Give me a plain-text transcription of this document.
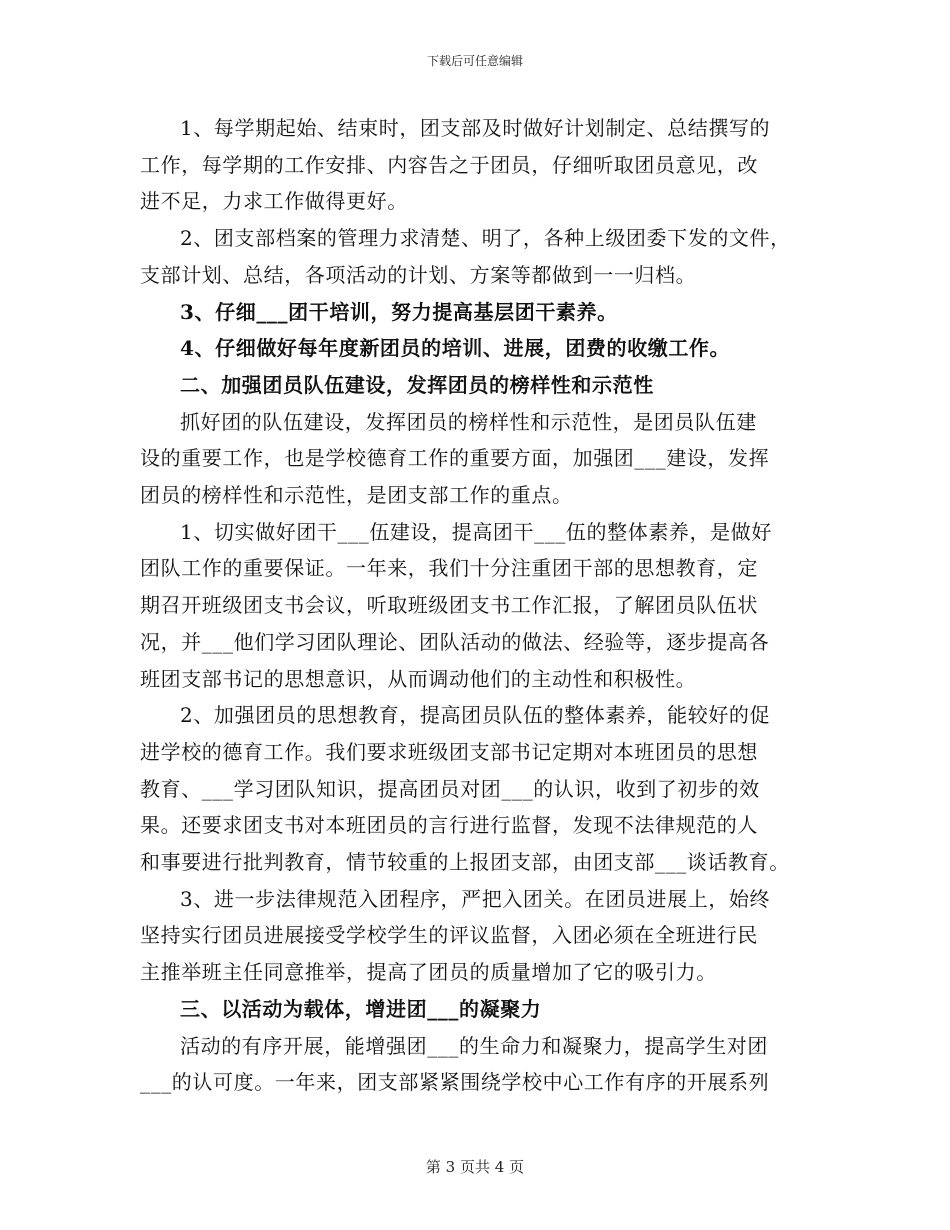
下载后可任意编辑
1、每学期起始、结束时，团支部及时做好计划制定、总结撰写的
工作，每学期的工作安排、内容告之于团员，仔细听取团员意见，改
进不足，力求工作做得更好。
2、团支部档案的管理力求清楚、明了，各种上级团委下发的文件，
支部计划、总结，各项活动的计划、方案等都做到一一归档。
3、仔细___团干培训，努力提高基层团干素养。
4、仔细做好每年度新团员的培训、进展，团费的收缴工作。
二、加强团员队伍建设，发挥团员的榜样性和示范性
抓好团的队伍建设，发挥团员的榜样性和示范性，是团员队伍建
设的重要工作，也是学校德育工作的重要方面，加强团___建设，发挥
团员的榜样性和示范性，是团支部工作的重点。
1、切实做好团干___伍建设，提高团干___伍的整体素养，是做好
团队工作的重要保证。一年来，我们十分注重团干部的思想教育，定
期召开班级团支书会议，听取班级团支书工作汇报，了解团员队伍状
况，并___他们学习团队理论、团队活动的做法、经验等，逐步提高各
班团支部书记的思想意识，从而调动他们的主动性和积极性。
2、加强团员的思想教育，提高团员队伍的整体素养，能较好的促
进学校的德育工作。我们要求班级团支部书记定期对本班团员的思想
教育、___学习团队知识，提高团员对团___的认识，收到了初步的效
果。还要求团支书对本班团员的言行进行监督，发现不法律规范的人
和事要进行批判教育，情节较重的上报团支部，由团支部___谈话教育。
3、进一步法律规范入团程序，严把入团关。在团员进展上，始终
坚持实行团员进展接受学校学生的评议监督，入团必须在全班进行民
主推举班主任同意推举，提高了团员的质量增加了它的吸引力。
三、以活动为载体，增进团___的凝聚力
活动的有序开展，能增强团___的生命力和凝聚力，提高学生对团
___的认可度。一年来，团支部紧紧围绕学校中心工作有序的开展系列
第 3 页共 4 页
